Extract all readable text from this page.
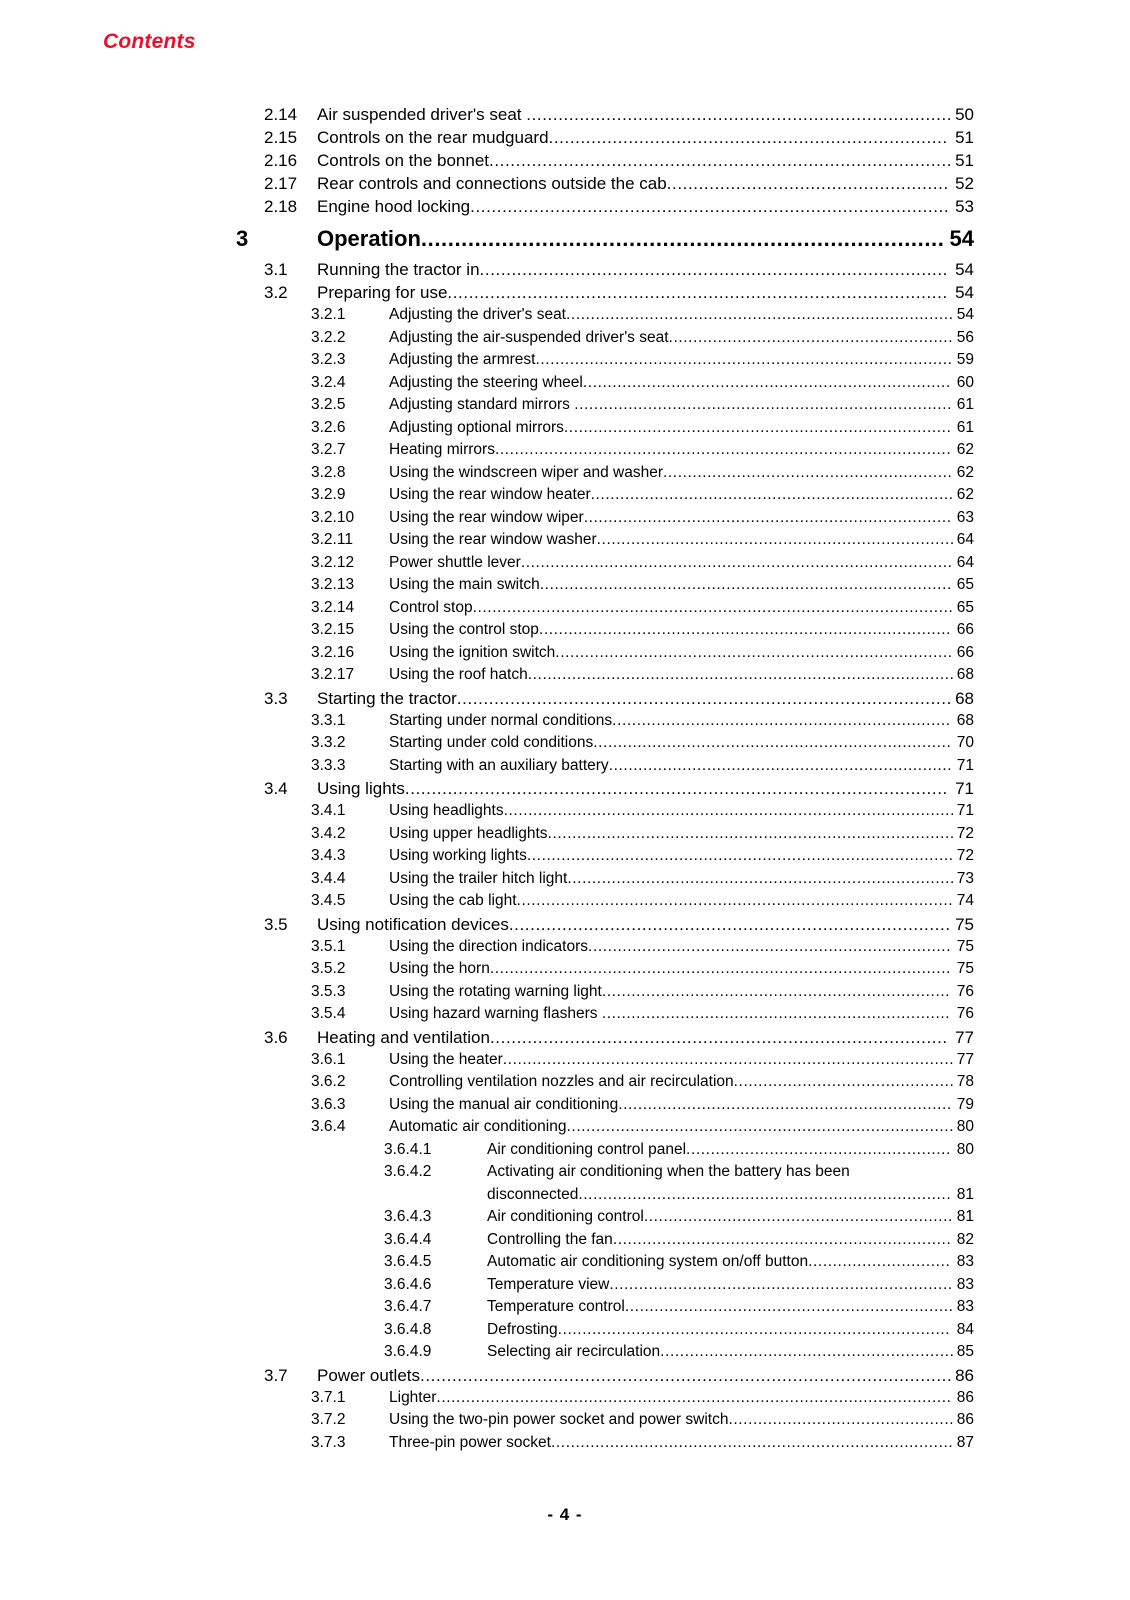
Contents
2.14 Air suspended driver's seat ................................................................................ 50
2.15 Controls on the rear mudguard........................................................................... 51
2.16 Controls on the bonnet....................................................................................... 51
2.17 Rear controls and connections outside the cab..................................................... 52
2.18 Engine hood locking.......................................................................................... 53
3	Operation.............................................................................. 54
3.1 Running the tractor in........................................................................................ 54
3.2 Preparing for use.............................................................................................. 54
3.2.1	Adjusting the driver's seat............................................................................... 54
3.2.2	Adjusting the air-suspended driver's seat.......................................................... 56
3.2.3	Adjusting the armrest..................................................................................... 59
3.2.4	Adjusting the steering wheel........................................................................... 60
3.2.5	Adjusting standard mirrors ............................................................................. 61
3.2.6	Adjusting optional mirrors............................................................................... 61
3.2.7	Heating mirrors............................................................................................. 62
3.2.8	Using the windscreen wiper and washer........................................................... 62
3.2.9	Using the rear window heater.......................................................................... 62
3.2.10 Using the rear window wiper........................................................................... 63
3.2.11 Using the rear window washer......................................................................... 64
3.2.12 Power shuttle lever........................................................................................ 64
3.2.13 Using the main switch.................................................................................... 65
3.2.14 Control stop.................................................................................................. 65
3.2.15 Using the control stop.................................................................................... 66
3.2.16 Using the ignition switch................................................................................. 66
3.2.17 Using the roof hatch....................................................................................... 68
3.3 Starting the tractor............................................................................................. 68
3.3.1	Starting under normal conditions..................................................................... 68
3.3.2	Starting under cold conditions......................................................................... 70
3.3.3	Starting with an auxiliary battery...................................................................... 71
3.4 Using lights...................................................................................................... 71
3.4.1	Using headlights............................................................................................ 71
3.4.2	Using upper headlights................................................................................... 72
3.4.3	Using working lights....................................................................................... 72
3.4.4	Using the trailer hitch light............................................................................... 73
3.4.5	Using the cab light......................................................................................... 74
3.5 Using notification devices................................................................................... 75
3.5.1	Using the direction indicators.......................................................................... 75
3.5.2	Using the horn.............................................................................................. 75
3.5.3	Using the rotating warning light....................................................................... 76
3.5.4	Using hazard warning flashers ....................................................................... 76
3.6 Heating and ventilation...................................................................................... 77
3.6.1	Using the heater............................................................................................ 77
3.6.2	Controlling ventilation nozzles and air recirculation............................................. 78
3.6.3	Using the manual air conditioning.................................................................... 79
3.6.4	Automatic air conditioning............................................................................... 80
3.6.4.1	Air conditioning control panel...................................................... 80
3.6.4.2	Activating air conditioning when the battery has been disconnected............................................................................ 81
3.6.4.3	Air conditioning control............................................................... 81
3.6.4.4	Controlling the fan..................................................................... 82
3.6.4.5	Automatic air conditioning system on/off button............................. 83
3.6.4.6	Temperature view...................................................................... 83
3.6.4.7	Temperature control................................................................... 83
3.6.4.8	Defrosting................................................................................ 84
3.6.4.9	Selecting air recirculation............................................................ 85
3.7 Power outlets.................................................................................................... 86
3.7.1	Lighter......................................................................................................... 86
3.7.2	Using the two-pin power socket and power switch.............................................. 86
3.7.3	Three-pin power socket.................................................................................. 87
- 4 -
